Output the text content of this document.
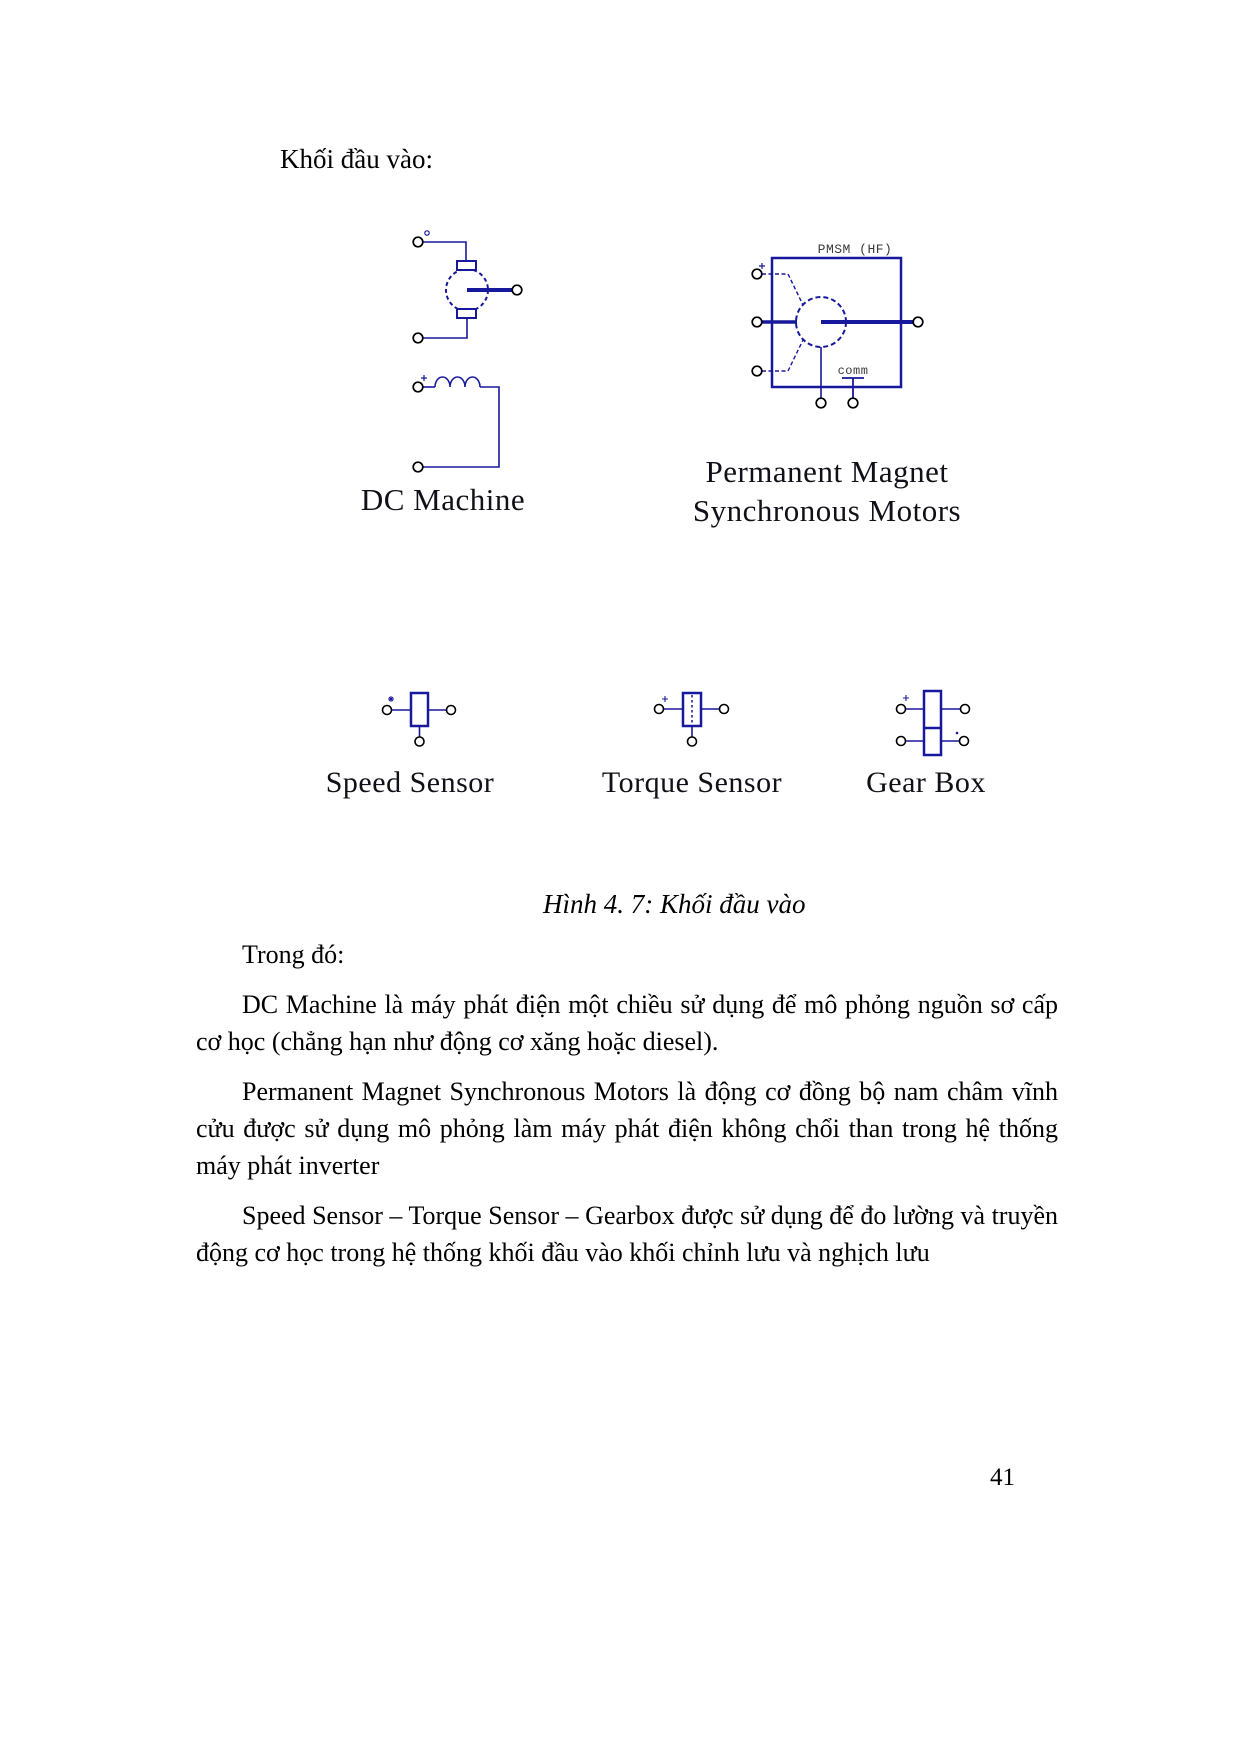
Khối đầu vào:
DC Machine
PMSM (HF)
comm
Permanent Magnet
Synchronous Motors
Speed Sensor	Torque Sensor	Gear Box
Hình 4. 7: Khối đầu vào

Trong đó:

DC Machine là máy phát điện một chiều sử dụng để mô phỏng nguồn sơ cấp cơ học (chẳng hạn như động cơ xăng hoặc diesel).

Permanent Magnet Synchronous Motors là động cơ đồng bộ nam châm vĩnh cửu được sử dụng mô phỏng làm máy phát điện không chổi than trong hệ thống máy phát inverter

Speed Sensor – Torque Sensor – Gearbox được sử dụng để đo lường và truyền động cơ học trong hệ thống khối đầu vào khối chỉnh lưu và nghịch lưu

41
